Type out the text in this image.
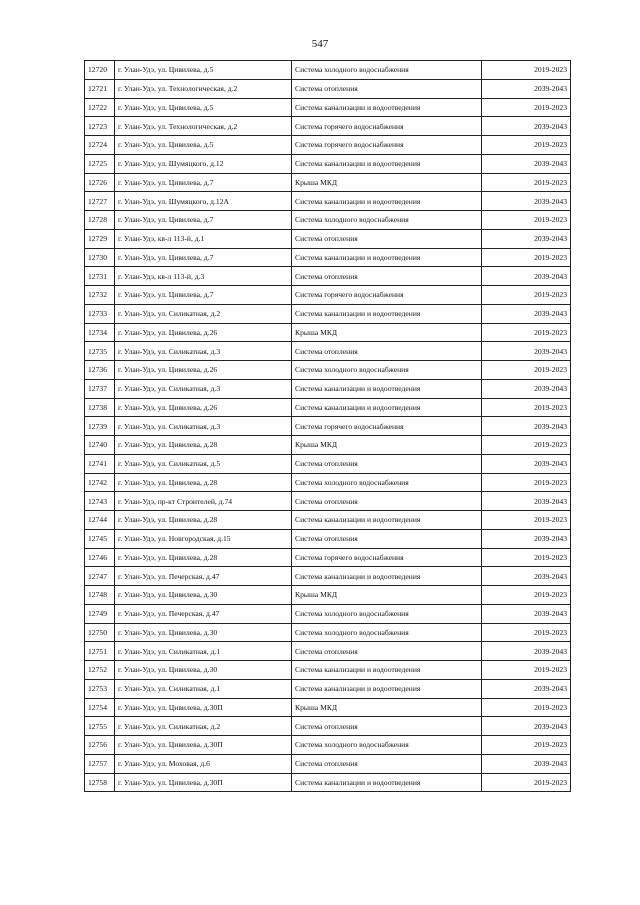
547
12720	г. Улан-Удэ, ул. Цивилева, д.5	Система холодного водоснабжения	2019-2023
12721	г. Улан-Удэ, ул. Технологическая, д.2	Система отопления	2039-2043
12722	г. Улан-Удэ, ул. Цивилева, д.5	Система канализации и водоотведения	2019-2023
12723	г. Улан-Удэ, ул. Технологическая, д.2	Система горячего водоснабжения	2039-2043
12724	г. Улан-Удэ, ул. Цивилева, д.5	Система горячего водоснабжения	2019-2023
12725	г. Улан-Удэ, ул. Шумяцкого, д.12	Система канализации и водоотведения	2039-2043
12726	г. Улан-Удэ, ул. Цивилева, д.7	Крыша МКД	2019-2023
12727	г. Улан-Удэ, ул. Шумяцкого, д.12А	Система канализации и водоотведения	2039-2043
12728	г. Улан-Удэ, ул. Цивилева, д.7	Система холодного водоснабжения	2019-2023
12729	г. Улан-Удэ, кв-л 113-й, д.1	Система отопления	2039-2043
12730	г. Улан-Удэ, ул. Цивилева, д.7	Система канализации и водоотведения	2019-2023
12731	г. Улан-Удэ, кв-л 113-й, д.3	Система отопления	2039-2043
12732	г. Улан-Удэ, ул. Цивилева, д.7	Система горячего водоснабжения	2019-2023
12733	г. Улан-Удэ, ул. Силикатная, д.2	Система канализации и водоотведения	2039-2043
12734	г. Улан-Удэ, ул. Цивилева, д.26	Крыша МКД	2019-2023
12735	г. Улан-Удэ, ул. Силикатная, д.3	Система отопления	2039-2043
12736	г. Улан-Удэ, ул. Цивилева, д.26	Система холодного водоснабжения	2019-2023
12737	г. Улан-Удэ, ул. Силикатная, д.3	Система канализации и водоотведения	2039-2043
12738	г. Улан-Удэ, ул. Цивилева, д.26	Система канализации и водоотведения	2019-2023
12739	г. Улан-Удэ, ул. Силикатная, д.3	Система горячего водоснабжения	2039-2043
12740	г. Улан-Удэ, ул. Цивилева, д.28	Крыша МКД	2019-2023
12741	г. Улан-Удэ, ул. Силикатная, д.5	Система отопления	2039-2043
12742	г. Улан-Удэ, ул. Цивилева, д.28	Система холодного водоснабжения	2019-2023
12743	г. Улан-Удэ, пр-кт Строителей, д.74	Система отопления	2039-2043
12744	г. Улан-Удэ, ул. Цивилева, д.28	Система канализации и водоотведения	2019-2023
12745	г. Улан-Удэ, ул. Новгородская, д.15	Система отопления	2039-2043
12746	г. Улан-Удэ, ул. Цивилева, д.28	Система горячего водоснабжения	2019-2023
12747	г. Улан-Удэ, ул. Печерская, д.47	Система канализации и водоотведения	2039-2043
12748	г. Улан-Удэ, ул. Цивилева, д.30	Крыша МКД	2019-2023
12749	г. Улан-Удэ, ул. Печерская, д.47	Система холодного водоснабжения	2039-2043
12750	г. Улан-Удэ, ул. Цивилева, д.30	Система холодного водоснабжения	2019-2023
12751	г. Улан-Удэ, ул. Силикатная, д.1	Система отопления	2039-2043
12752	г. Улан-Удэ, ул. Цивилева, д.30	Система канализации и водоотведения	2019-2023
12753	г. Улан-Удэ, ул. Силикатная, д.1	Система канализации и водоотведения	2039-2043
12754	г. Улан-Удэ, ул. Цивилева, д.30П	Крыша МКД	2019-2023
12755	г. Улан-Удэ, ул. Силикатная, д.2	Система отопления	2039-2043
12756	г. Улан-Удэ, ул. Цивилева, д.30П	Система холодного водоснабжения	2019-2023
12757	г. Улан-Удэ, ул. Моховая, д.6	Система отопления	2039-2043
12758	г. Улан-Удэ, ул. Цивилева, д.30П	Система канализации и водоотведения	2019-2023
